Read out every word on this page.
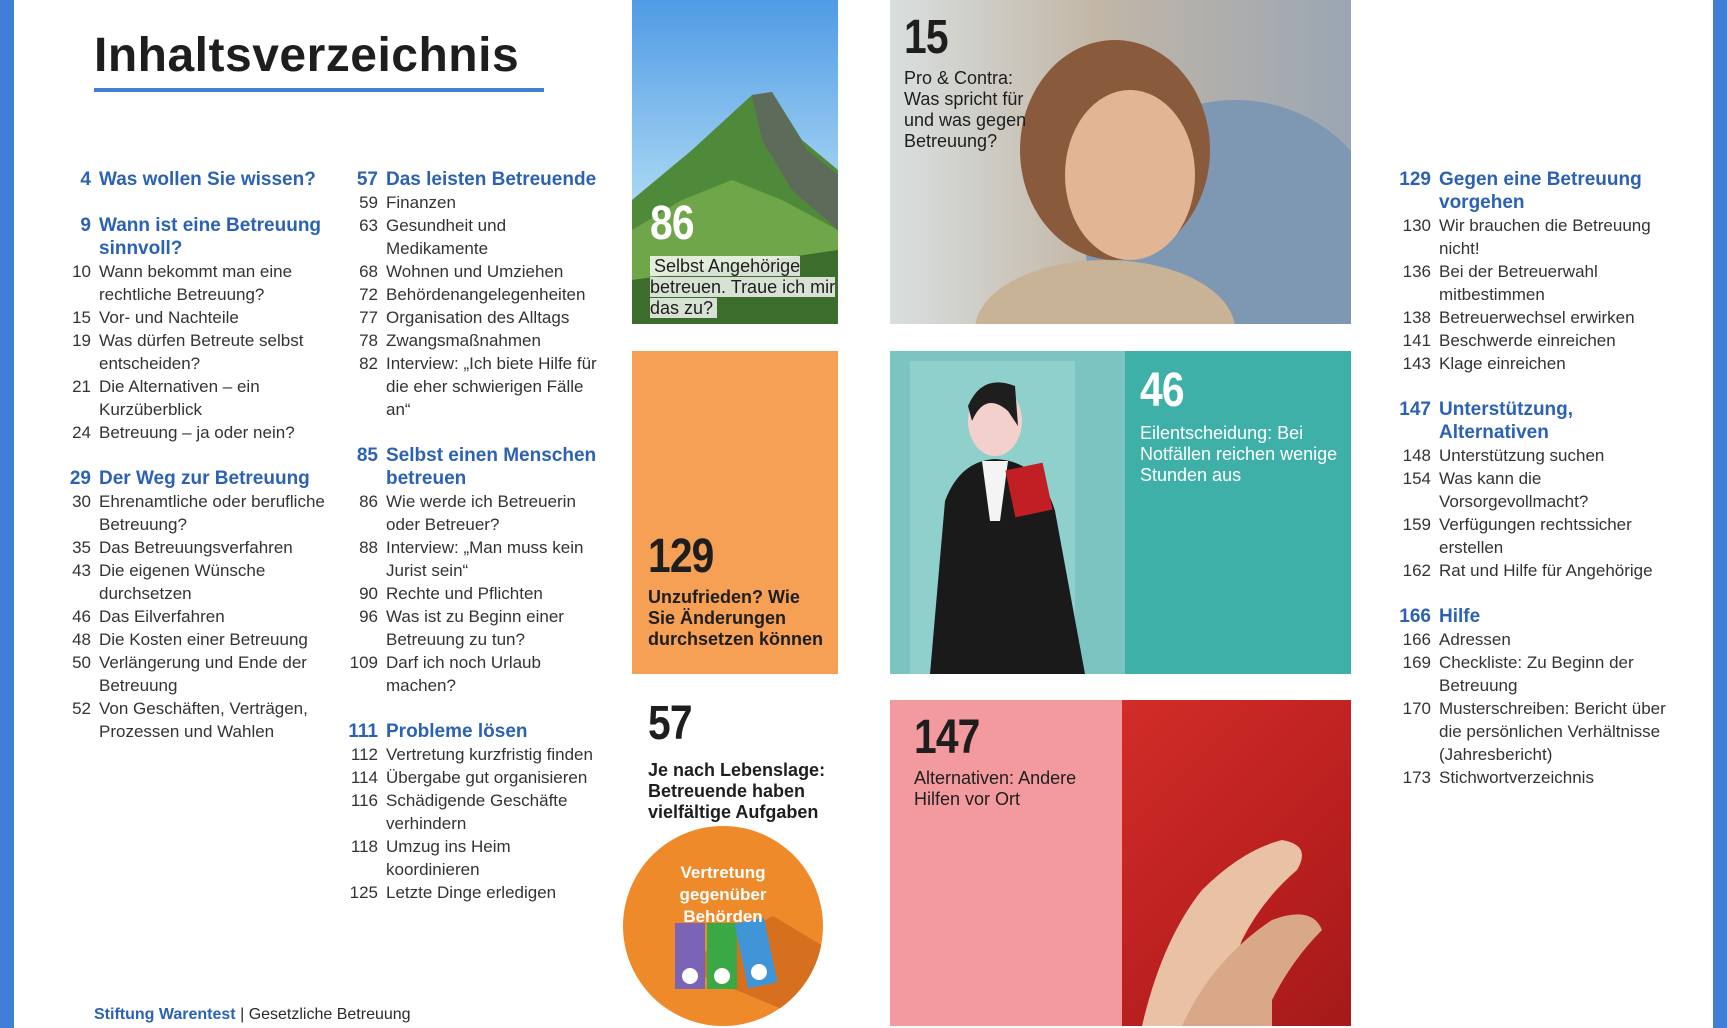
Inhaltsverzeichnis
4 Was wollen Sie wissen?
9 Wann ist eine Betreuung sinnvoll?
10 Wann bekommt man eine rechtliche Betreuung?
15 Vor- und Nachteile
19 Was dürfen Betreute selbst entscheiden?
21 Die Alternativen – ein Kurzüberblick
24 Betreuung – ja oder nein?
29 Der Weg zur Betreuung
30 Ehrenamtliche oder berufliche Betreuung?
35 Das Betreuungsverfahren
43 Die eigenen Wünsche durchsetzen
46 Das Eilverfahren
48 Die Kosten einer Betreuung
50 Verlängerung und Ende der Betreuung
52 Von Geschäften, Verträgen, Prozessen und Wahlen
57 Das leisten Betreuende
59 Finanzen
63 Gesundheit und Medikamente
68 Wohnen und Umziehen
72 Behördenangelegenheiten
77 Organisation des Alltags
78 Zwangsmaßnahmen
82 Interview: „Ich biete Hilfe für die eher schwierigen Fälle an“
85 Selbst einen Menschen betreuen
86 Wie werde ich Betreuerin oder Betreuer?
88 Interview: „Man muss kein Jurist sein“
90 Rechte und Pflichten
96 Was ist zu Beginn einer Betreuung zu tun?
109 Darf ich noch Urlaub machen?
111 Probleme lösen
112 Vertretung kurzfristig finden
114 Übergabe gut organisieren
116 Schädigende Geschäfte verhindern
118 Umzug ins Heim koordinieren
125 Letzte Dinge erledigen
129 Gegen eine Betreuung vorgehen
130 Wir brauchen die Betreuung nicht!
136 Bei der Betreuerwahl mitbestimmen
138 Betreuerwechsel erwirken
141 Beschwerde einreichen
143 Klage einreichen
147 Unterstützung, Alternativen
148 Unterstützung suchen
154 Was kann die Vorsorgevollmacht?
159 Verfügungen rechtssicher erstellen
162 Rat und Hilfe für Angehörige
166 Hilfe
166 Adressen
169 Checkliste: Zu Beginn der Betreuung
170 Musterschreiben: Bericht über die persönlichen Verhältnisse (Jahresbericht)
173 Stichwortverzeichnis
86
Selbst Angehörige betreuen. Traue ich mir das zu?
15
Pro & Contra: Was spricht für und was gegen Betreuung?
129
Unzufrieden? Wie Sie Änderungen durchsetzen können
57
Je nach Lebenslage: Betreuende haben vielfältige Aufgaben
Vertretung gegenüber Behörden
46
Eilentscheidung: Bei Notfällen reichen wenige Stunden aus
147
Alternativen: Andere Hilfen vor Ort
Stiftung Warentest | Gesetzliche Betreuung
